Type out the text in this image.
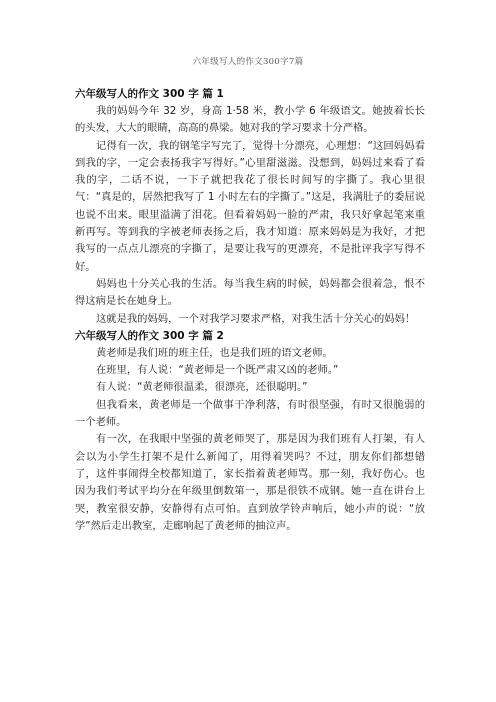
六年级写人的作文300字7篇
六年级写人的作文 300 字 篇 1

我的妈妈今年 32 岁，身高 1·58 米，教小学 6 年级语文。她披着长长的头发，大大的眼睛，高高的鼻梁。她对我的学习要求十分严格。

记得有一次，我的钢笔字写完了，觉得十分漂亮，心理想：“这回妈妈看到我的字，一定会表扬我字写得好。”心里甜滋滋。没想到，妈妈过来看了看我的字，二话不说，一下子就把我花了很长时间写的字撕了。我心里很气：“真是的，居然把我写了 1 小时左右的字撕了。”这是，我满肚子的委屈说也说不出来。眼里溢满了泪花。但看着妈妈一脸的严肃，我只好拿起笔来重新再写。等到我的字被老师表扬之后，我才知道：原来妈妈是为我好，才把我写的一点点儿漂亮的字撕了，是要让我写的更漂亮，不是批评我字写得不好。

妈妈也十分关心我的生活。每当我生病的时候，妈妈都会很着急，恨不得这病是长在她身上。

这就是我的妈妈，一个对我学习要求严格，对我生活十分关心的妈妈！

六年级写人的作文 300 字 篇 2

黄老师是我们班的班主任，也是我们班的语文老师。

在班里，有人说：“黄老师是一个既严肃又凶的老师。”

有人说：“黄老师很温柔，很漂亮，还很聪明。”

但我看来，黄老师是一个做事干净利落，有时很坚强，有时又很脆弱的一个老师。

有一次，在我眼中坚强的黄老师哭了，那是因为我们班有人打架，有人会以为小学生打架不是什么新闻了，用得着哭吗？不过，朋友你们都想错了，这件事闹得全校都知道了，家长指着黄老师骂。那一刻，我好伤心。也因为我们考试平均分在年级里倒数第一，那是很铁不成钢。她一直在讲台上哭，教室很安静，安静得有点可怕。直到放学铃声响后，她小声的说：“放学”然后走出教室，走廊响起了黄老师的抽泣声。
